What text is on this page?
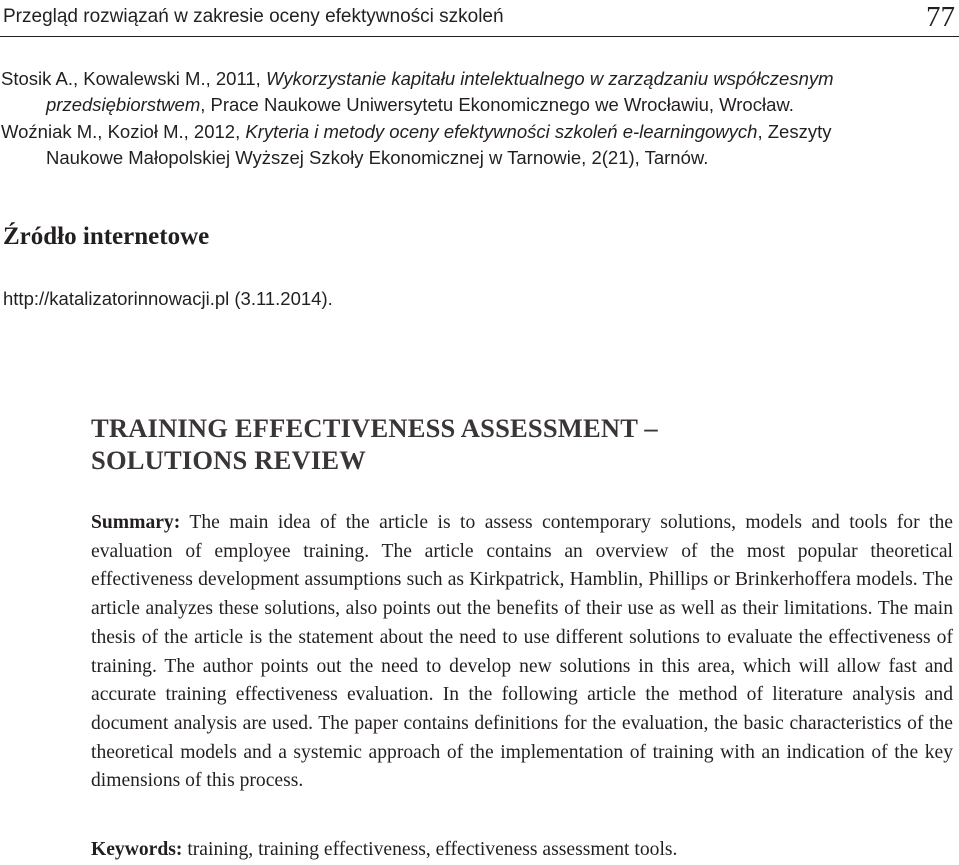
Przegląd rozwiązań w zakresie oceny efektywności szkoleń	77

Stosik A., Kowalewski M., 2011, Wykorzystanie kapitału intelektualnego w zarządzaniu współczesnym
przedsiębiorstwem, Prace Naukowe Uniwersytetu Ekonomicznego we Wrocławiu, Wrocław.

Woźniak M., Kozioł M., 2012, Kryteria i metody oceny efektywności szkoleń e-learningowych, Zeszyty
Naukowe Małopolskiej Wyższej Szkoły Ekonomicznej w Tarnowie, 2(21), Tarnów.

Źródło internetowe
http://katalizatorinnowacji.pl (3.11.2014).
TRAINING EFFECTIVENESS ASSESSMENT –
SOLUTIONS REVIEW

Summary: The main idea of the article is to assess contemporary solutions, models and tools for the evaluation of employee training. The article contains an overview of the most popular theoretical effectiveness development assumptions such as Kirkpatrick, Hamblin, Phillips or Brinkerhoffera models. The article analyzes these solutions, also points out the benefits of their use as well as their limitations. The main thesis of the article is the statement about the need to use different solutions to evaluate the effectiveness of training. The author points out the need to develop new solutions in this area, which will allow fast and accurate training effectiveness evaluation. In the following article the method of literature analysis and document analysis are used. The paper contains definitions for the evaluation, the basic characteristics of the theoretical models and a systemic approach of the implementation of training with an indication of the key dimensions of this process.

Keywords: training, training effectiveness, effectiveness assessment tools.
